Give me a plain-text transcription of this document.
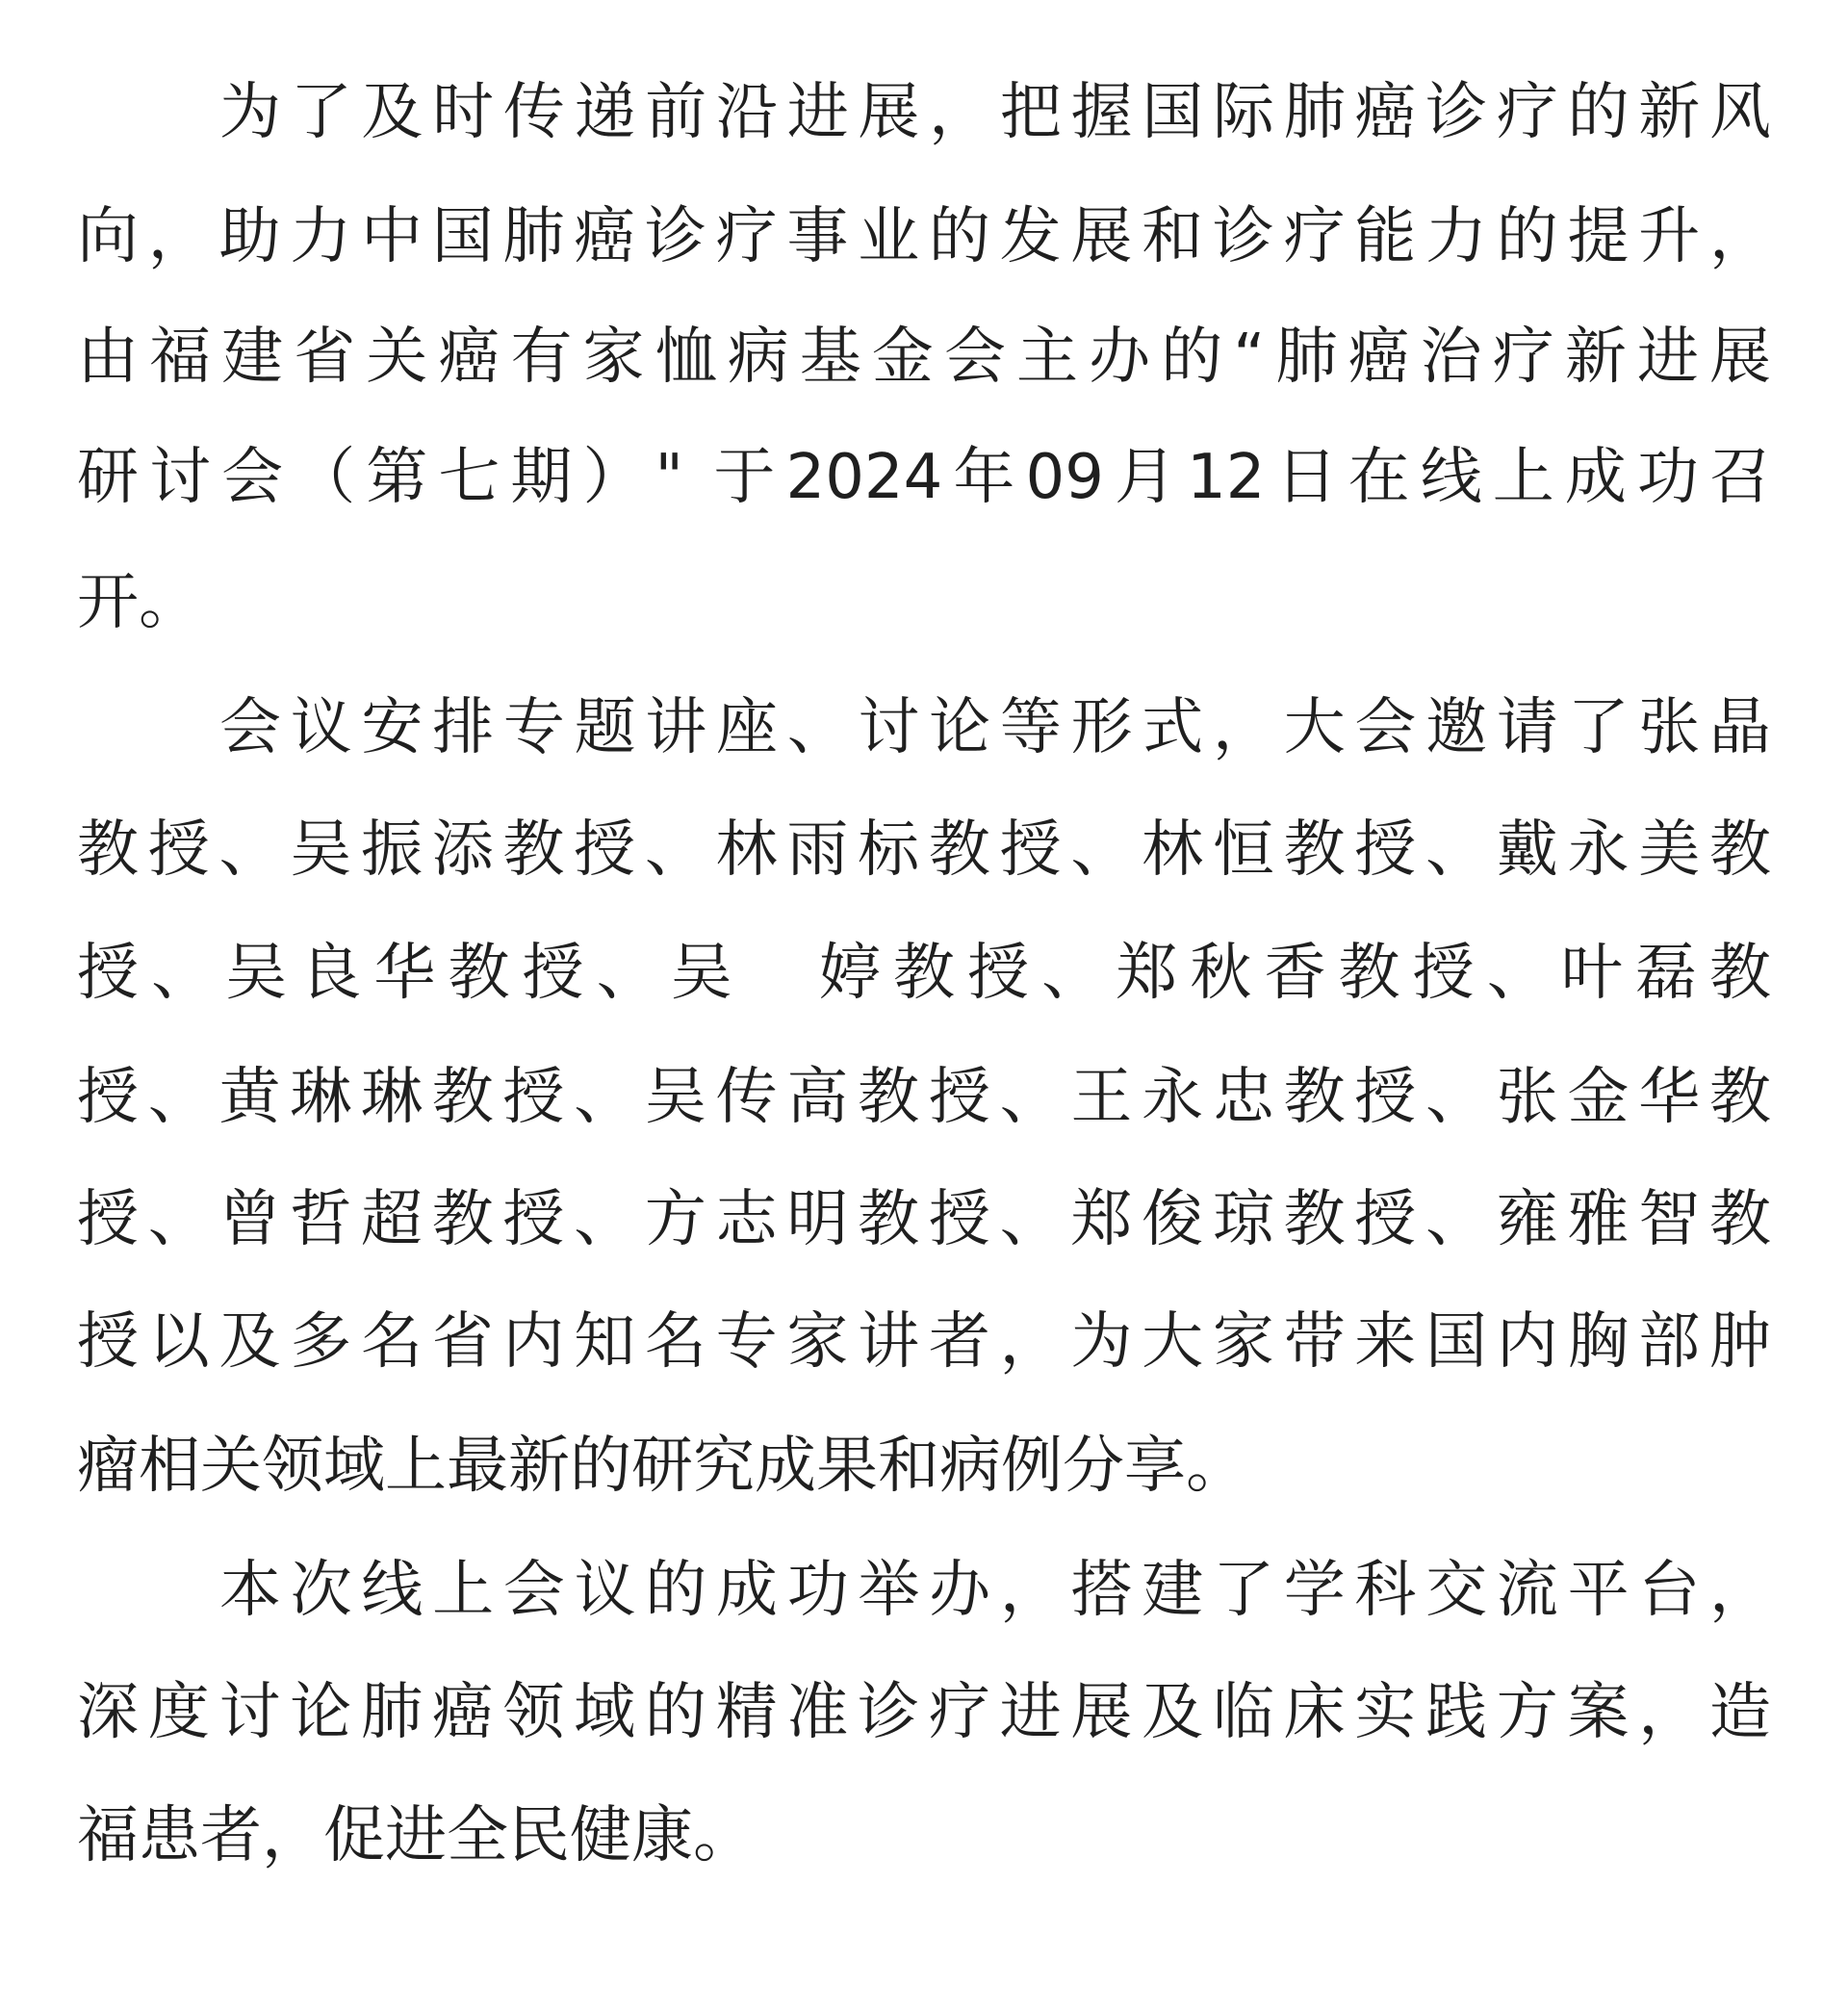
为了及时传递前沿进展，把握国际肺癌诊疗的新风
向，助力中国肺癌诊疗事业的发展和诊疗能力的提升，
由福建省关癌有家恤病基金会主办的“肺癌治疗新进展
研讨会（第七期）" 于2024年09月12日在线上成功召
开。
会议安排专题讲座、讨论等形式，大会邀请了张晶
教授、吴振添教授、林雨标教授、林恒教授、戴永美教
授、吴良华教授、吴　婷教授、郑秋香教授、叶磊教
授、黄琳琳教授、吴传高教授、王永忠教授、张金华教
授、曾哲超教授、方志明教授、郑俊琼教授、雍雅智教
授以及多名省内知名专家讲者，为大家带来国内胸部肿
瘤相关领域上最新的研究成果和病例分享。
本次线上会议的成功举办，搭建了学科交流平台，
深度讨论肺癌领域的精准诊疗进展及临床实践方案，造
福患者，促进全民健康。
